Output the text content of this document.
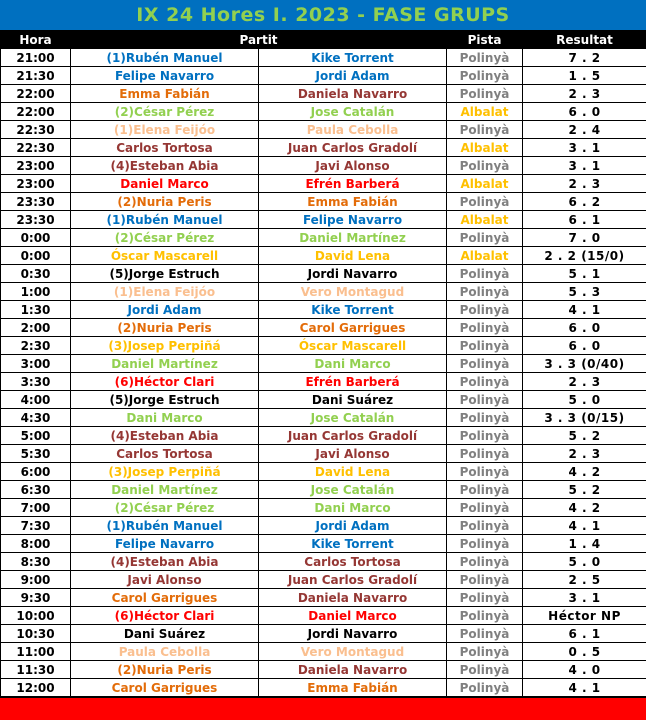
IX 24 Hores I. 2023 - FASE GRUPS
Hora	Partit		Pista	Resultat
21:00	(1)Rubén Manuel	Kike Torrent	Polinyà	7 . 2
21:30	Felipe Navarro	Jordi Adam	Polinyà	1 . 5
22:00	Emma Fabián	Daniela Navarro	Polinyà	2 . 3
22:00	(2)César Pérez	Jose Catalán	Albalat	6 . 0
22:30	(1)Elena Feijóo	Paula Cebolla	Polinyà	2 . 4
22:30	Carlos Tortosa	Juan Carlos Gradolí	Albalat	3 . 1
23:00	(4)Esteban Abia	Javi Alonso	Polinyà	3 . 1
23:00	Daniel Marco	Efrén Barberá	Albalat	2 . 3
23:30	(2)Nuria Peris	Emma Fabián	Polinyà	6 . 2
23:30	(1)Rubén Manuel	Felipe Navarro	Albalat	6 . 1
0:00	(2)César Pérez	Daniel Martínez	Polinyà	7 . 0
0:00	Óscar Mascarell	David Lena	Albalat	2 . 2 (15/0)
0:30	(5)Jorge Estruch	Jordi Navarro	Polinyà	5 . 1
1:00	(1)Elena Feijóo	Vero Montagud	Polinyà	5 . 3
1:30	Jordi Adam	Kike Torrent	Polinyà	4 . 1
2:00	(2)Nuria Peris	Carol Garrigues	Polinyà	6 . 0
2:30	(3)Josep Perpiñá	Óscar Mascarell	Polinyà	6 . 0
3:00	Daniel Martínez	Dani Marco	Polinyà	3 . 3 (0/40)
3:30	(6)Héctor Clari	Efrén Barberá	Polinyà	2 . 3
4:00	(5)Jorge Estruch	Dani Suárez	Polinyà	5 . 0
4:30	Dani Marco	Jose Catalán	Polinyà	3 . 3 (0/15)
5:00	(4)Esteban Abia	Juan Carlos Gradolí	Polinyà	5 . 2
5:30	Carlos Tortosa	Javi Alonso	Polinyà	2 . 3
6:00	(3)Josep Perpiñá	David Lena	Polinyà	4 . 2
6:30	Daniel Martínez	Jose Catalán	Polinyà	5 . 2
7:00	(2)César Pérez	Dani Marco	Polinyà	4 . 2
7:30	(1)Rubén Manuel	Jordi Adam	Polinyà	4 . 1
8:00	Felipe Navarro	Kike Torrent	Polinyà	1 . 4
8:30	(4)Esteban Abia	Carlos Tortosa	Polinyà	5 . 0
9:00	Javi Alonso	Juan Carlos Gradolí	Polinyà	2 . 5
9:30	Carol Garrigues	Daniela Navarro	Polinyà	3 . 1
10:00	(6)Héctor Clari	Daniel Marco	Polinyà	Héctor NP
10:30	Dani Suárez	Jordi Navarro	Polinyà	6 . 1
11:00	Paula Cebolla	Vero Montagud	Polinyà	0 . 5
11:30	(2)Nuria Peris	Daniela Navarro	Polinyà	4 . 0
12:00	Carol Garrigues	Emma Fabián	Polinyà	4 . 1
